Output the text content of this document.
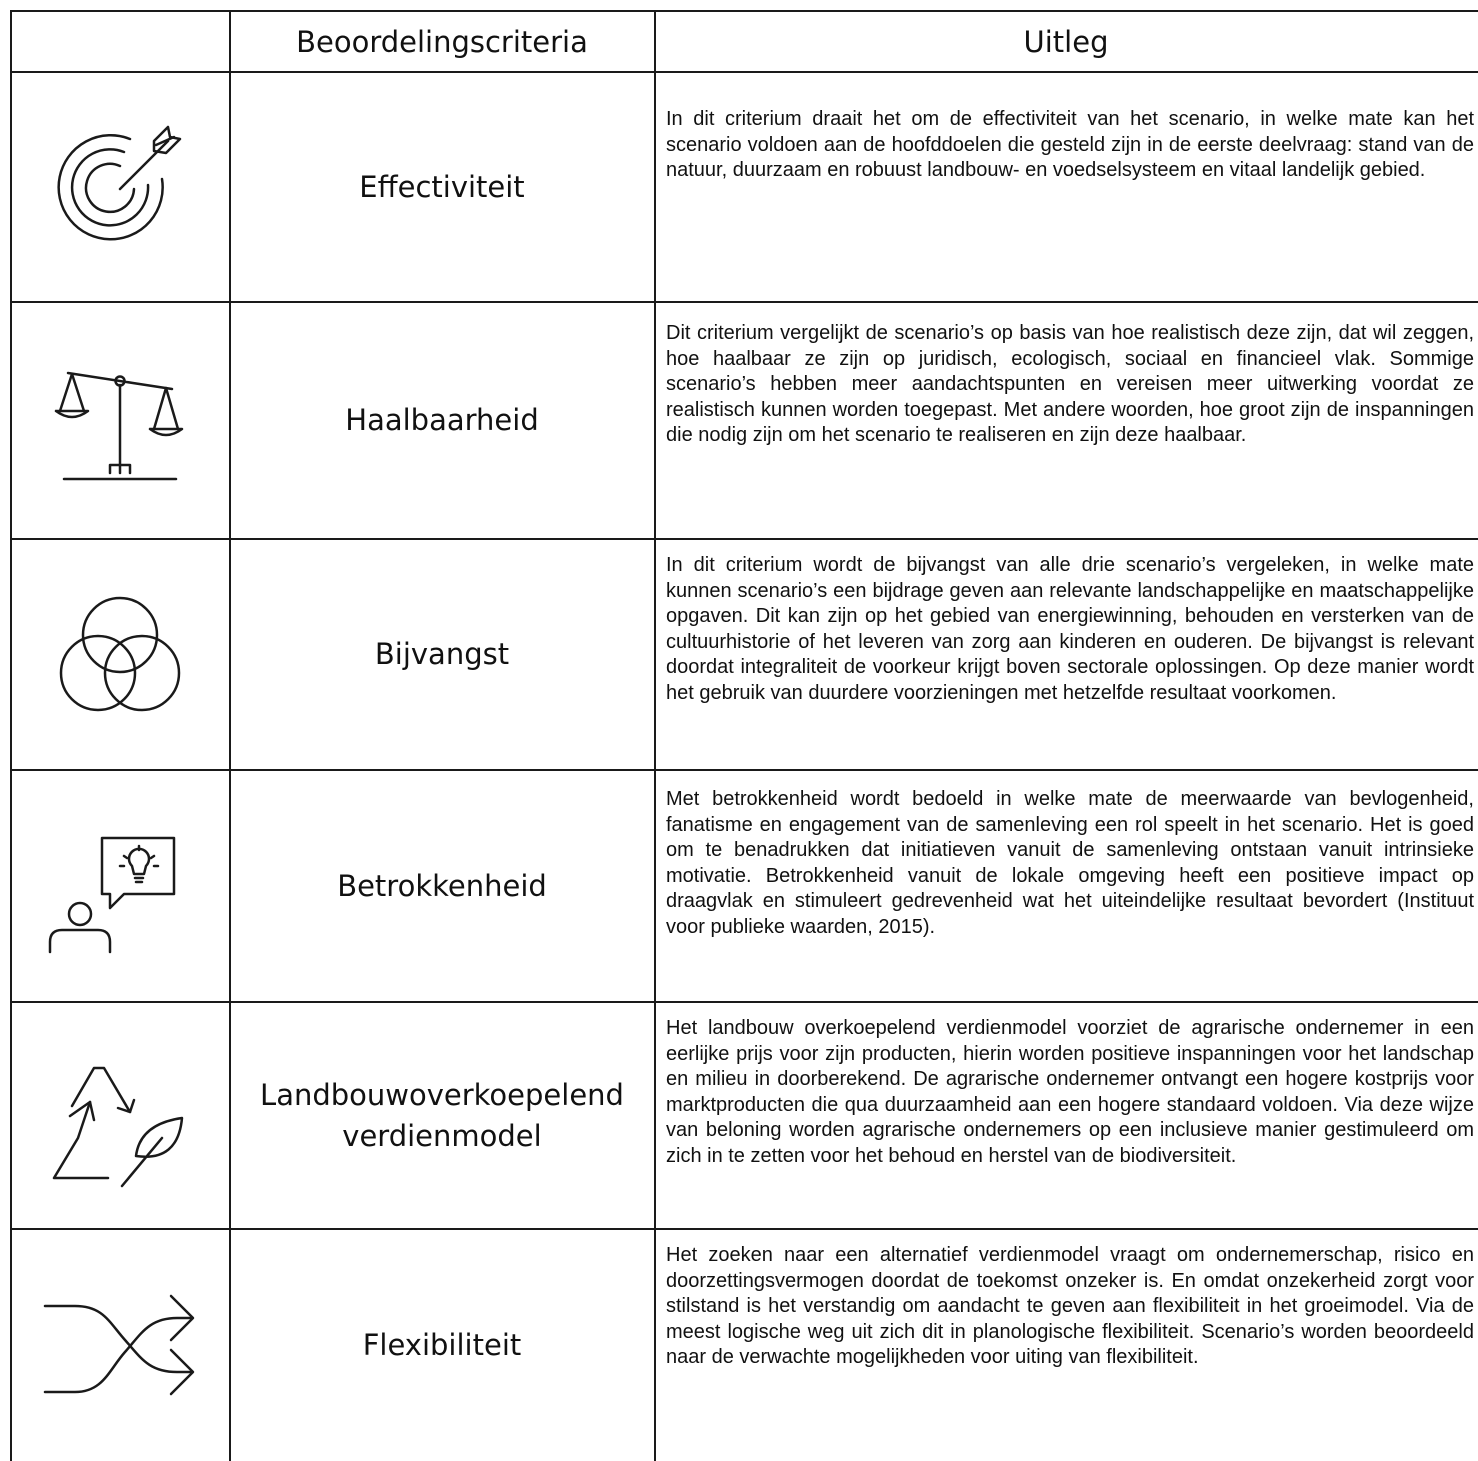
Beoordelingscriteria	Uitleg
Effectiviteit
In dit criterium draait het om de effectiviteit van het scenario, in welke mate kan het scenario voldoen aan de hoofddoelen die gesteld zijn in de eerste deelvraag: stand van de natuur, duurzaam en robuust landbouw- en voedselsysteem en vitaal landelijk gebied.
Haalbaarheid
Dit criterium vergelijkt de scenario’s op basis van hoe realistisch deze zijn, dat wil zeggen, hoe haalbaar ze zijn op juridisch, ecologisch, sociaal en financieel vlak. Sommige scenario’s hebben meer aandachtspunten en vereisen meer uitwerking voordat ze realistisch kunnen worden toegepast. Met andere woorden, hoe groot zijn de inspanningen die nodig zijn om het scenario te realiseren en zijn deze haalbaar.
Bijvangst
In dit criterium wordt de bijvangst van alle drie scenario’s vergeleken, in welke mate kunnen scenario’s een bijdrage geven aan relevante landschappelijke en maatschappelijke opgaven. Dit kan zijn op het gebied van energiewinning, behouden en versterken van de cultuurhistorie of het leveren van zorg aan kinderen en ouderen. De bijvangst is relevant doordat integraliteit de voorkeur krijgt boven sectorale oplossingen. Op deze manier wordt het gebruik van duurdere voorzieningen met hetzelfde resultaat voorkomen.
Betrokkenheid
Met betrokkenheid wordt bedoeld in welke mate de meerwaarde van bevlogenheid, fanatisme en engagement van de samenleving een rol speelt in het scenario. Het is goed om te benadrukken dat initiatieven vanuit de samenleving ontstaan vanuit intrinsieke motivatie. Betrokkenheid vanuit de lokale omgeving heeft een positieve impact op draagvlak en stimuleert gedrevenheid wat het uiteindelijke resultaat bevordert (Instituut voor publieke waarden, 2015).
Landbouwoverkoepelend verdienmodel
Het landbouw overkoepelend verdienmodel voorziet de agrarische ondernemer in een eerlijke prijs voor zijn producten, hierin worden positieve inspanningen voor het landschap en milieu in doorberekend. De agrarische ondernemer ontvangt een hogere kostprijs voor marktproducten die qua duurzaamheid aan een hogere standaard voldoen. Via deze wijze van beloning worden agrarische ondernemers op een inclusieve manier gestimuleerd om zich in te zetten voor het behoud en herstel van de biodiversiteit.
Flexibiliteit
Het zoeken naar een alternatief verdienmodel vraagt om ondernemerschap, risico en doorzettingsvermogen doordat de toekomst onzeker is. En omdat onzekerheid zorgt voor stilstand is het verstandig om aandacht te geven aan flexibiliteit in het groeimodel. Via de meest logische weg uit zich dit in planologische flexibiliteit. Scenario’s worden beoordeeld naar de verwachte mogelijkheden voor uiting van flexibiliteit.
